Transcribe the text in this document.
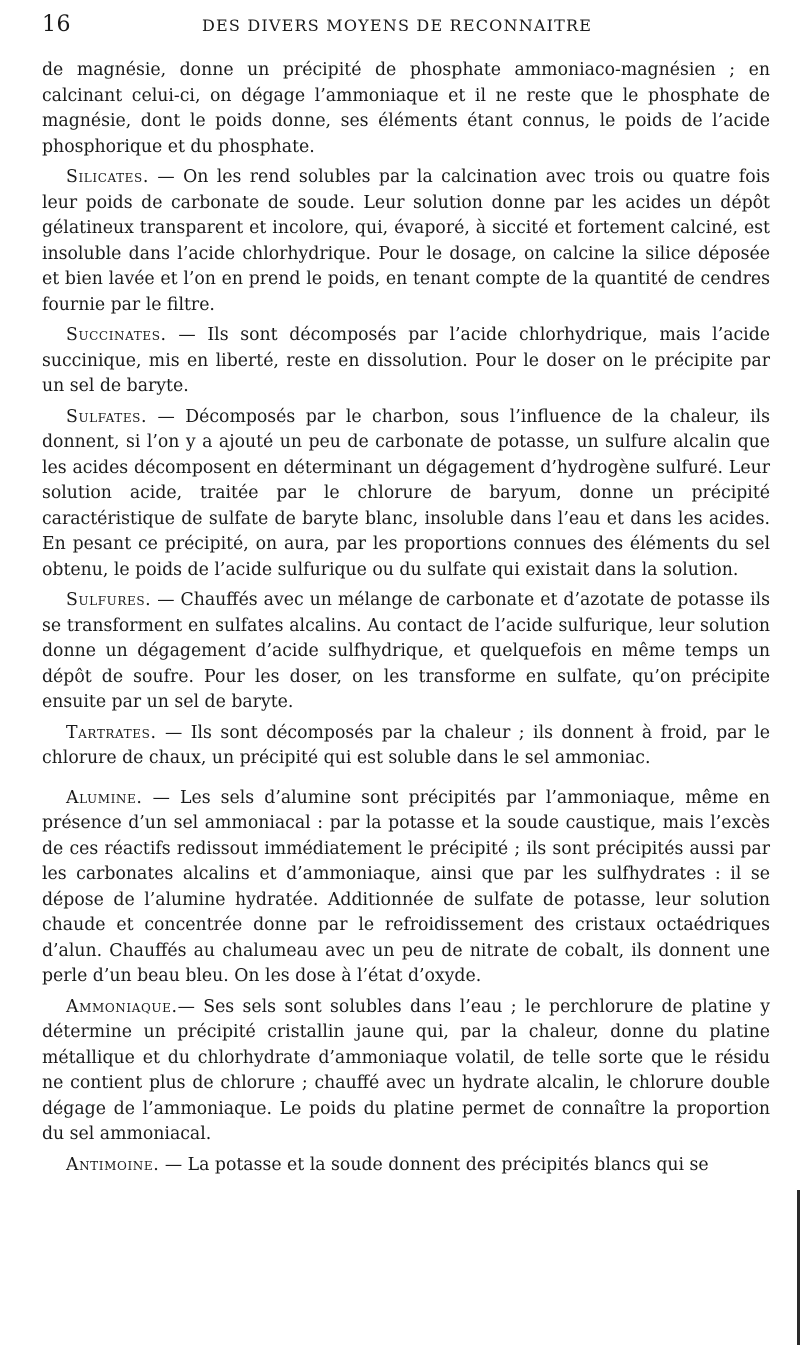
16	DES DIVERS MOYENS DE RECONNAITRE

de magnésie, donne un précipité de phosphate ammoniaco-magnésien ; en calcinant celui-ci, on dégage l’ammoniaque et il ne reste que le phosphate de magnésie, dont le poids donne, ses éléments étant connus, le poids de l’acide phosphorique et du phosphate.

Silicates. — On les rend solubles par la calcination avec trois ou quatre fois leur poids de carbonate de soude. Leur solution donne par les acides un dépôt gélatineux transparent et incolore, qui, évaporé, à siccité et fortement calciné, est insoluble dans l’acide chlorhydrique. Pour le dosage, on calcine la silice déposée et bien lavée et l’on en prend le poids, en tenant compte de la quantité de cendres fournie par le filtre.

Succinates. — Ils sont décomposés par l’acide chlorhydrique, mais l’acide succinique, mis en liberté, reste en dissolution. Pour le doser on le précipite par un sel de baryte.

Sulfates. — Décomposés par le charbon, sous l’influence de la chaleur, ils donnent, si l’on y a ajouté un peu de carbonate de potasse, un sulfure alcalin que les acides décomposent en déterminant un dégagement d’hydrogène sulfuré. Leur solution acide, traitée par le chlorure de baryum, donne un précipité caractéristique de sulfate de baryte blanc, insoluble dans l’eau et dans les acides. En pesant ce précipité, on aura, par les proportions connues des éléments du sel obtenu, le poids de l’acide sulfurique ou du sulfate qui existait dans la solution.

Sulfures. — Chauffés avec un mélange de carbonate et d’azotate de potasse ils se transforment en sulfates alcalins. Au contact de l’acide sulfurique, leur solution donne un dégagement d’acide sulfhydrique, et quelquefois en même temps un dépôt de soufre. Pour les doser, on les transforme en sulfate, qu’on précipite ensuite par un sel de baryte.

Tartrates. — Ils sont décomposés par la chaleur ; ils donnent à froid, par le chlorure de chaux, un précipité qui est soluble dans le sel ammoniac.

Alumine. — Les sels d’alumine sont précipités par l’ammoniaque, même en présence d’un sel ammoniacal : par la potasse et la soude caustique, mais l’excès de ces réactifs redissout immédiatement le précipité ; ils sont précipités aussi par les carbonates alcalins et d’ammoniaque, ainsi que par les sulfhydrates : il se dépose de l’alumine hydratée. Additionnée de sulfate de potasse, leur solution chaude et concentrée donne par le refroidissement des cristaux octaédriques d’alun. Chauffés au chalumeau avec un peu de nitrate de cobalt, ils donnent une perle d’un beau bleu. On les dose à l’état d’oxyde.

Ammoniaque.— Ses sels sont solubles dans l’eau ; le perchlorure de platine y détermine un précipité cristallin jaune qui, par la chaleur, donne du platine métallique et du chlorhydrate d’ammoniaque volatil, de telle sorte que le résidu ne contient plus de chlorure ; chauffé avec un hydrate alcalin, le chlorure double dégage de l’ammoniaque. Le poids du platine permet de connaître la proportion du sel ammoniacal.

Antimoine. — La potasse et la soude donnent des précipités blancs qui se
